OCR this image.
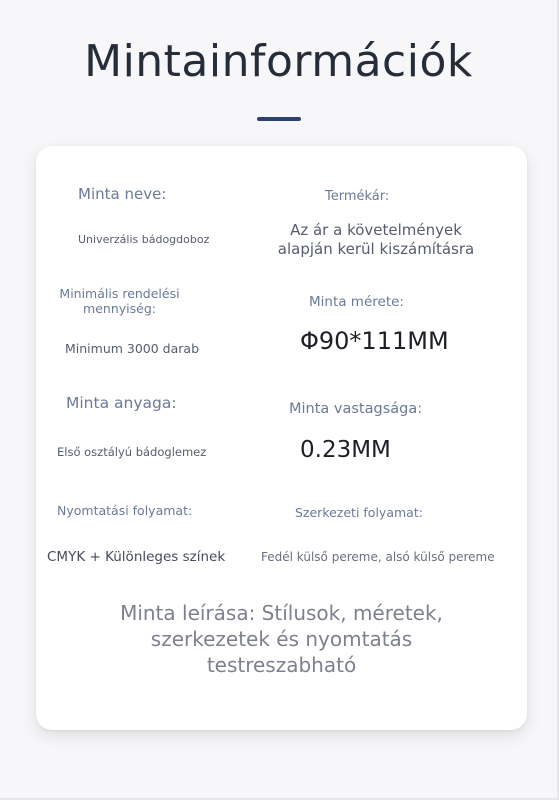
Mintainformációk
Minta neve:	Termékár:
Univerzális bádogdoboz
Az ár a követelmények
alapján kerül kiszámításra
Minimális rendelési
mennyiség:	Minta mérete:
Minimum 3000 darab	Φ90*111MM
Minta anyaga:	Minta vastagsága:
Első osztályú bádoglemez	0.23MM
Nyomtatási folyamat:	Szerkezeti folyamat:
CMYK + Különleges színek	Fedél külső pereme, alsó külső pereme
Minta leírása: Stílusok, méretek, szerkezetek és nyomtatás testreszabható
